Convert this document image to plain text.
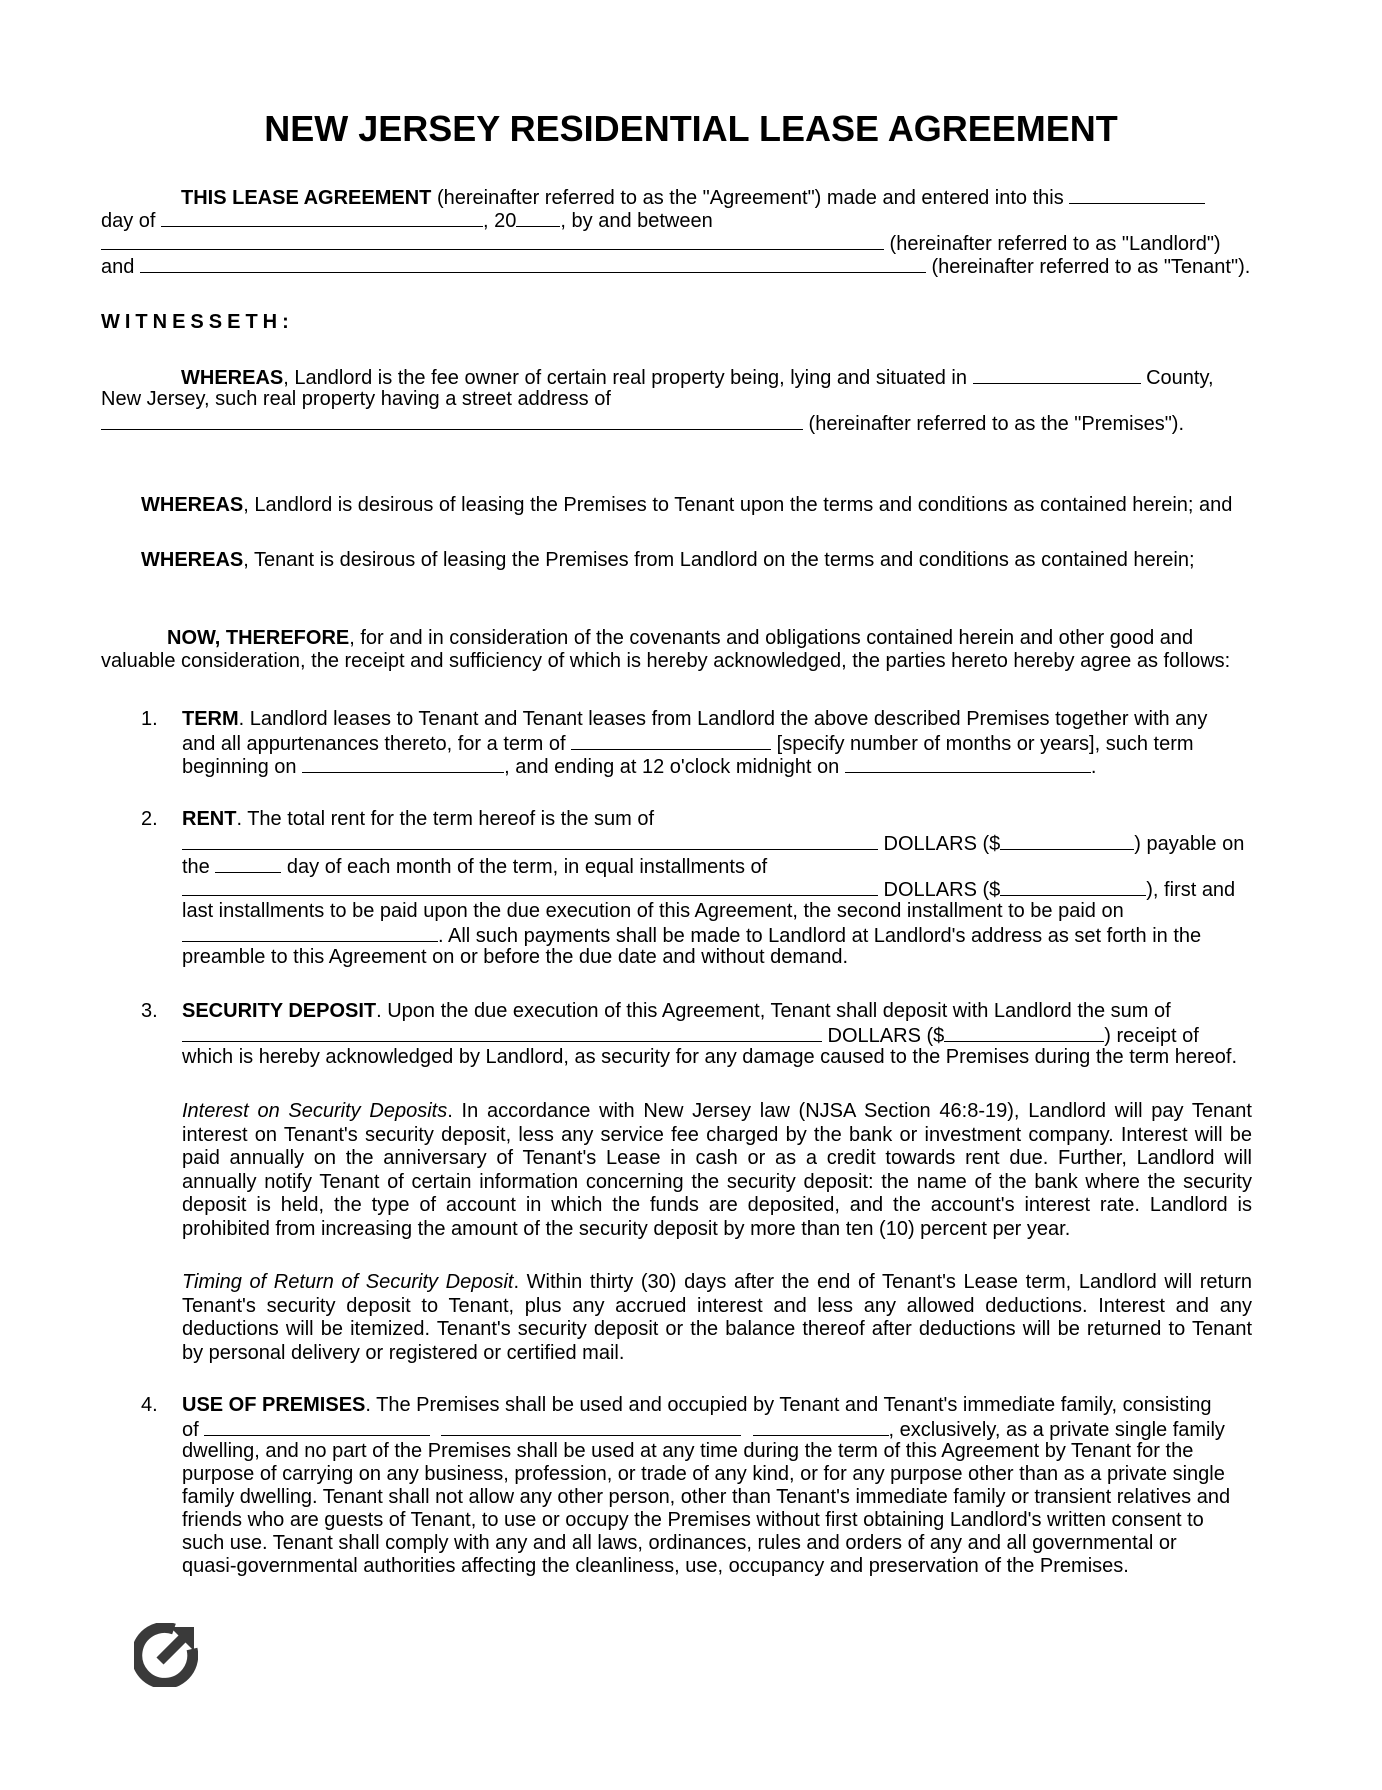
NEW JERSEY RESIDENTIAL LEASE AGREEMENT
THIS LEASE AGREEMENT (hereinafter referred to as the "Agreement") made and entered into this
day of	, 20 , by and between
(hereinafter referred to as "Landlord")
and	(hereinafter referred to as "Tenant").
WITNESSETH:
WHEREAS, Landlord is the fee owner of certain real property being, lying and situated in	County,
New Jersey, such real property having a street address of
(hereinafter referred to as the "Premises").
WHEREAS, Landlord is desirous of leasing the Premises to Tenant upon the terms and conditions as contained herein; and
WHEREAS, Tenant is desirous of leasing the Premises from Landlord on the terms and conditions as contained herein;
NOW, THEREFORE, for and in consideration of the covenants and obligations contained herein and other good and
valuable consideration, the receipt and sufficiency of which is hereby acknowledged, the parties hereto hereby agree as follows:
1. TERM. Landlord leases to Tenant and Tenant leases from Landlord the above described Premises together with any
and all appurtenances thereto, for a term of	[specify number of months or years], such term
beginning on	, and ending at 12 o'clock midnight on	.
2. RENT. The total rent for the term hereof is the sum of
DOLLARS ($	) payable on
the	day of each month of the term, in equal installments of
DOLLARS ($	), first and
last installments to be paid upon the due execution of this Agreement, the second installment to be paid on
. All such payments shall be made to Landlord at Landlord's address as set forth in the
preamble to this Agreement on or before the due date and without demand.
3. SECURITY DEPOSIT. Upon the due execution of this Agreement, Tenant shall deposit with Landlord the sum of
DOLLARS ($	) receipt of
which is hereby acknowledged by Landlord, as security for any damage caused to the Premises during the term hereof.
Interest on Security Deposits. In accordance with New Jersey law (NJSA Section 46:8-19), Landlord will pay Tenant interest on Tenant's security deposit, less any service fee charged by the bank or investment company. Interest will be paid annually on the anniversary of Tenant's Lease in cash or as a credit towards rent due. Further, Landlord will annually notify Tenant of certain information concerning the security deposit: the name of the bank where the security deposit is held, the type of account in which the funds are deposited, and the account's interest rate. Landlord is prohibited from increasing the amount of the security deposit by more than ten (10) percent per year.
Timing of Return of Security Deposit. Within thirty (30) days after the end of Tenant's Lease term, Landlord will return Tenant's security deposit to Tenant, plus any accrued interest and less any allowed deductions. Interest and any deductions will be itemized. Tenant's security deposit or the balance thereof after deductions will be returned to Tenant by personal delivery or registered or certified mail.
4. USE OF PREMISES. The Premises shall be used and occupied by Tenant and Tenant's immediate family, consisting
of	, exclusively, as a private single family
dwelling, and no part of the Premises shall be used at any time during the term of this Agreement by Tenant for the
purpose of carrying on any business, profession, or trade of any kind, or for any purpose other than as a private single
family dwelling. Tenant shall not allow any other person, other than Tenant's immediate family or transient relatives and
friends who are guests of Tenant, to use or occupy the Premises without first obtaining Landlord's written consent to
such use. Tenant shall comply with any and all laws, ordinances, rules and orders of any and all governmental or
quasi-governmental authorities affecting the cleanliness, use, occupancy and preservation of the Premises.
